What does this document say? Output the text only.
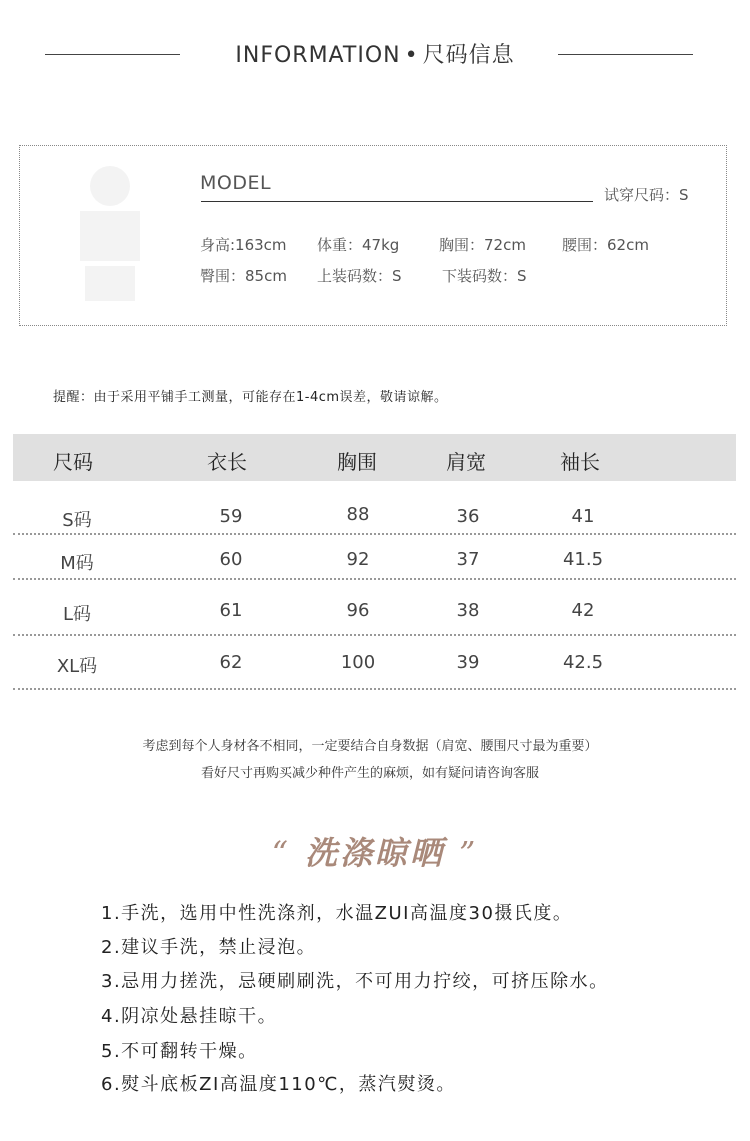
INFORMATION • 尺码信息
MODEL
试穿尺码：S
身高:163cm 体重：47kg	胸围：72cm 腰围：62cm
臀围：85cm 上装码数：S	下装码数：S
提醒：由于采用平铺手工测量，可能存在1-4cm误差，敬请谅解。
尺码	衣长	胸围	肩宽	袖长
S码	59	88	36	41
M码	60	92	37	41.5
L码	61	96	38	42
XL码	62	100	39	42.5
考虑到每个人身材各不相同，一定要结合自身数据（肩宽、腰围尺寸最为重要）
看好尺寸再购买减少种件产生的麻烦，如有疑问请咨询客服
“ 洗涤晾晒 ”
1.手洗，选用中性洗涤剂，水温ZUI高温度30摄氏度。
2.建议手洗，禁止浸泡。
3.忌用力搓洗，忌硬刷刷洗，不可用力拧绞，可挤压除水。
4.阴凉处悬挂晾干。
5.不可翻转干燥。
6.熨斗底板ZI高温度110℃，蒸汽熨烫。
